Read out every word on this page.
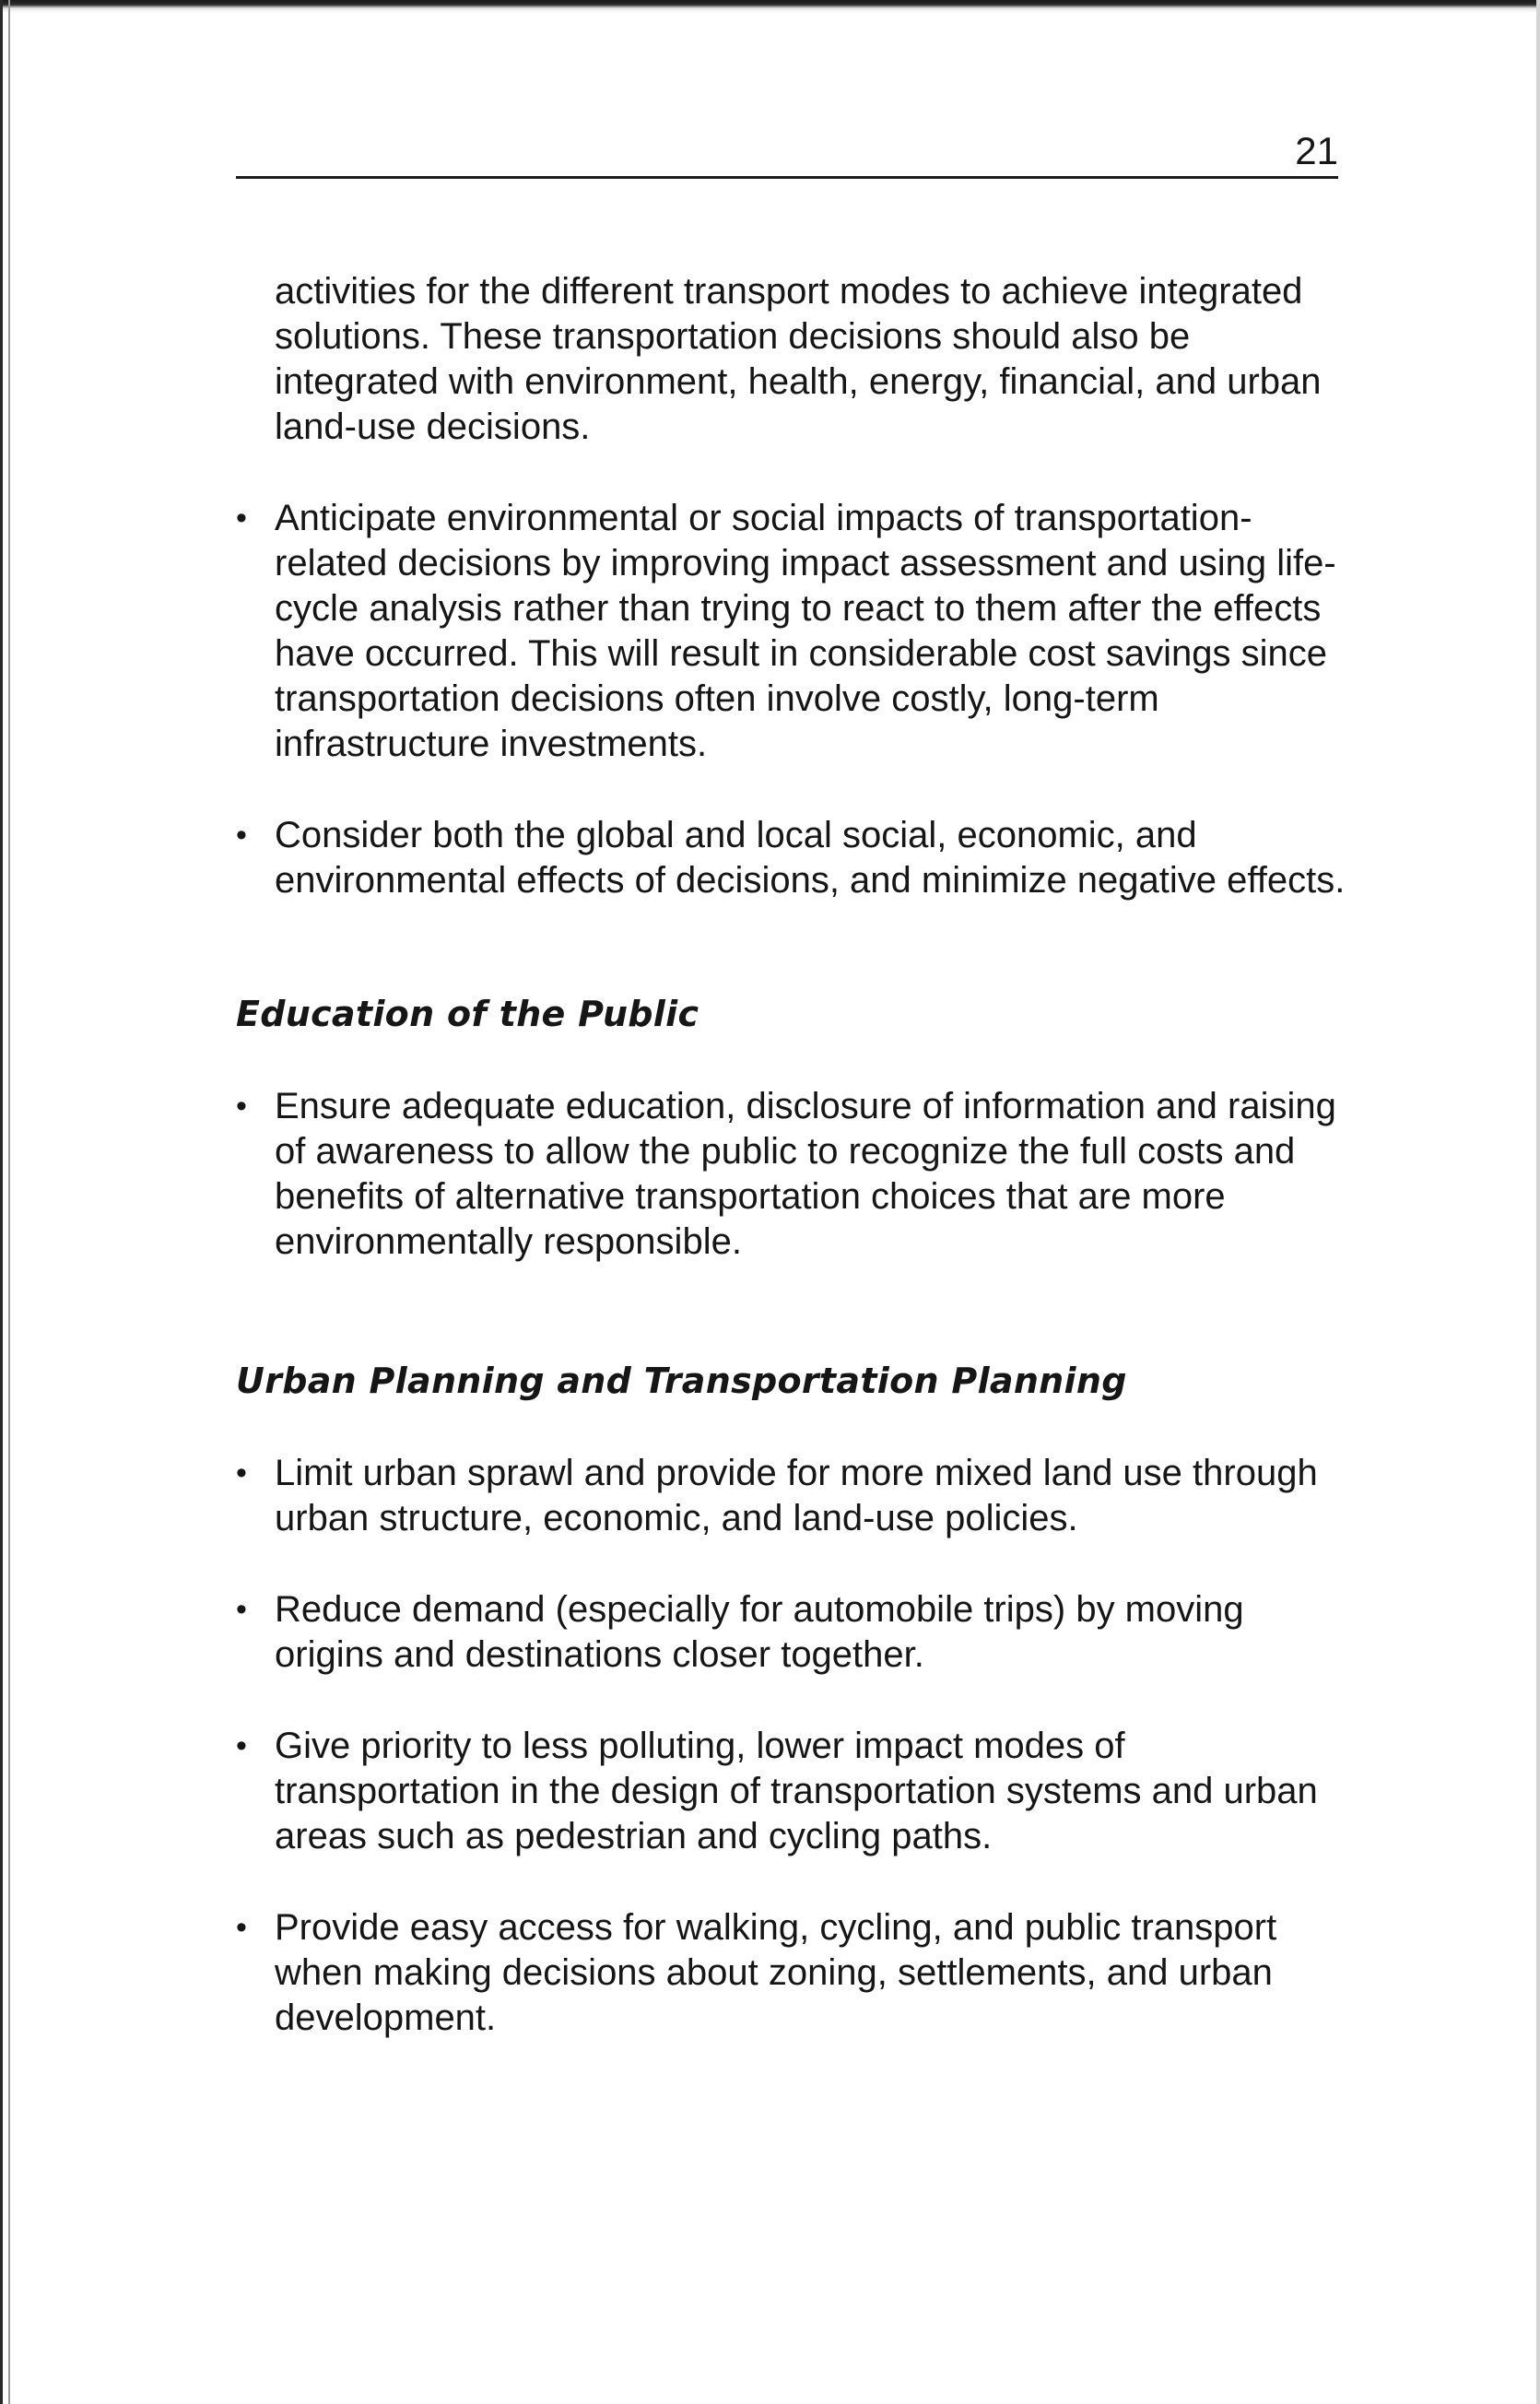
21

activities for the different transport modes to achieve integrated solutions. These transportation decisions should also be integrated with environment, health, energy, financial, and urban land-use decisions.

• Anticipate environmental or social impacts of transportation-related decisions by improving impact assessment and using life-cycle analysis rather than trying to react to them after the effects have occurred. This will result in considerable cost savings since transportation decisions often involve costly, long-term infrastructure investments.
• Consider both the global and local social, economic, and environmental effects of decisions, and minimize negative effects.
Education of the Public
• Ensure adequate education, disclosure of information and raising of awareness to allow the public to recognize the full costs and benefits of alternative transportation choices that are more environmentally responsible.
Urban Planning and Transportation Planning
• Limit urban sprawl and provide for more mixed land use through urban structure, economic, and land-use policies.
• Reduce demand (especially for automobile trips) by moving origins and destinations closer together.
• Give priority to less polluting, lower impact modes of transportation in the design of transportation systems and urban areas such as pedestrian and cycling paths.
• Provide easy access for walking, cycling, and public transport when making decisions about zoning, settlements, and urban development.
